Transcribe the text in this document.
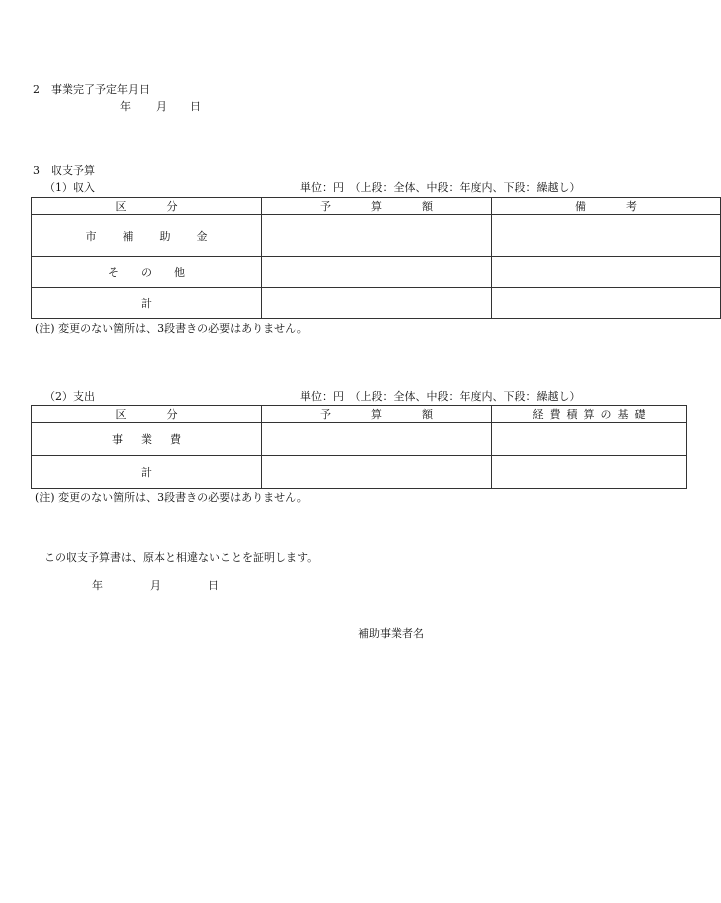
2　事業完了予定年月日
年 月 日
3　収支予算
（1）収入	単位：円　（上段：全体、中段：年度内、下段：繰越し）
区分	予算額	備考
市補助金		
その他		
計		
(注) 変更のない箇所は、3段書きの必要はありません。
（2）支出	単位：円　（上段：全体、中段：年度内、下段：繰越し）
区分	予算額	経費積算の基礎
事業費		
計		
(注) 変更のない箇所は、3段書きの必要はありません。
この収支予算書は、原本と相違ないことを証明します。
年	月	日
補助事業者名
